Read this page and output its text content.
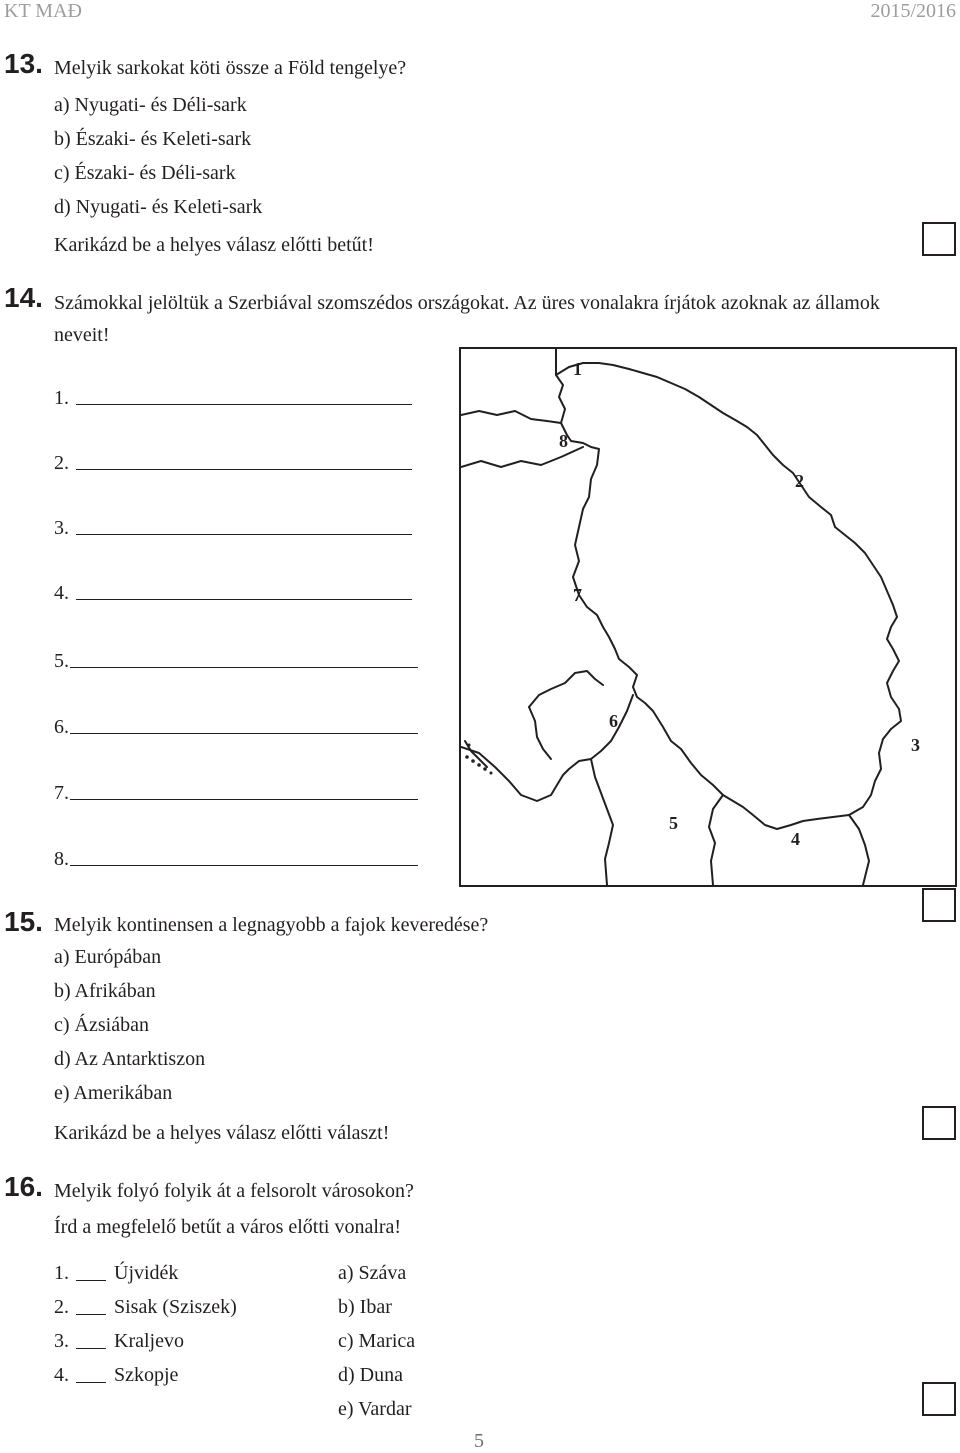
KT MAĐ	2015/2016
13. Melyik sarkokat köti össze a Föld tengelye?
a) Nyugati- és Déli-sark
b) Északi- és Keleti-sark
c) Északi- és Déli-sark
d) Nyugati- és Keleti-sark
Karikázd be a helyes válasz előtti betűt!
14. Számokkal jelöltük a Szerbiával szomszédos országokat. Az üres vonalakra írjátok azoknak az államok
neveit!
1.
2.
3.
4.
5.
6.
7.
8.
1
2
3
4
5
6
7
8
15. Melyik kontinensen a legnagyobb a fajok keveredése?
a) Európában
b) Afrikában
c) Ázsiában
d) Az Antarktiszon
e) Amerikában
Karikázd be a helyes válasz előtti választ!
16. Melyik folyó folyik át a felsorolt városokon?
Írd a megfelelő betűt a város előtti vonalra!
1. Újvidék
2. Sisak (Sziszek)
3. Kraljevo
4. Szkopje
a) Száva
b) Ibar
c) Marica
d) Duna
e) Vardar
5
